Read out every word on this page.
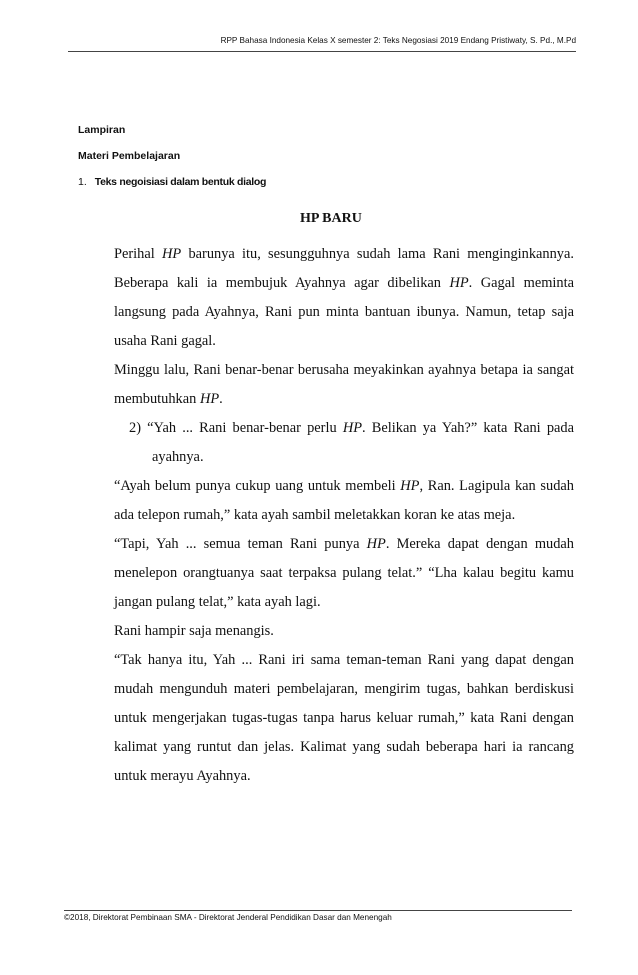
RPP Bahasa Indonesia Kelas X semester 2: Teks Negosiasi 2019 Endang Pristiwaty, S. Pd., M.Pd
Lampiran
Materi Pembelajaran
1. Teks negoisiasi dalam bentuk dialog
HP BARU

Perihal HP barunya itu, sesungguhnya sudah lama Rani menginginkannya. Beberapa kali ia membujuk Ayahnya agar dibelikan HP. Gagal meminta langsung pada Ayahnya, Rani pun minta bantuan ibunya. Namun, tetap saja usaha Rani gagal.

Minggu lalu, Rani benar-benar berusaha meyakinkan ayahnya betapa ia sangat membutuhkan HP.

2) “Yah ... Rani benar-benar perlu HP. Belikan ya Yah?” kata Rani pada ayahnya.

“Ayah belum punya cukup uang untuk membeli HP, Ran. Lagipula kan sudah ada telepon rumah,” kata ayah sambil meletakkan koran ke atas meja.

“Tapi, Yah ... semua teman Rani punya HP. Mereka dapat dengan mudah menelepon orangtuanya saat terpaksa pulang telat.” “Lha kalau begitu kamu jangan pulang telat,” kata ayah lagi.

Rani hampir saja menangis.

“Tak hanya itu, Yah ... Rani iri sama teman-teman Rani yang dapat dengan mudah mengunduh materi pembelajaran, mengirim tugas, bahkan berdiskusi untuk mengerjakan tugas-tugas tanpa harus keluar rumah,” kata Rani dengan kalimat yang runtut dan jelas. Kalimat yang sudah beberapa hari ia rancang untuk merayu Ayahnya.

©2018, Direktorat Pembinaan SMA - Direktorat Jenderal Pendidikan Dasar dan Menengah
